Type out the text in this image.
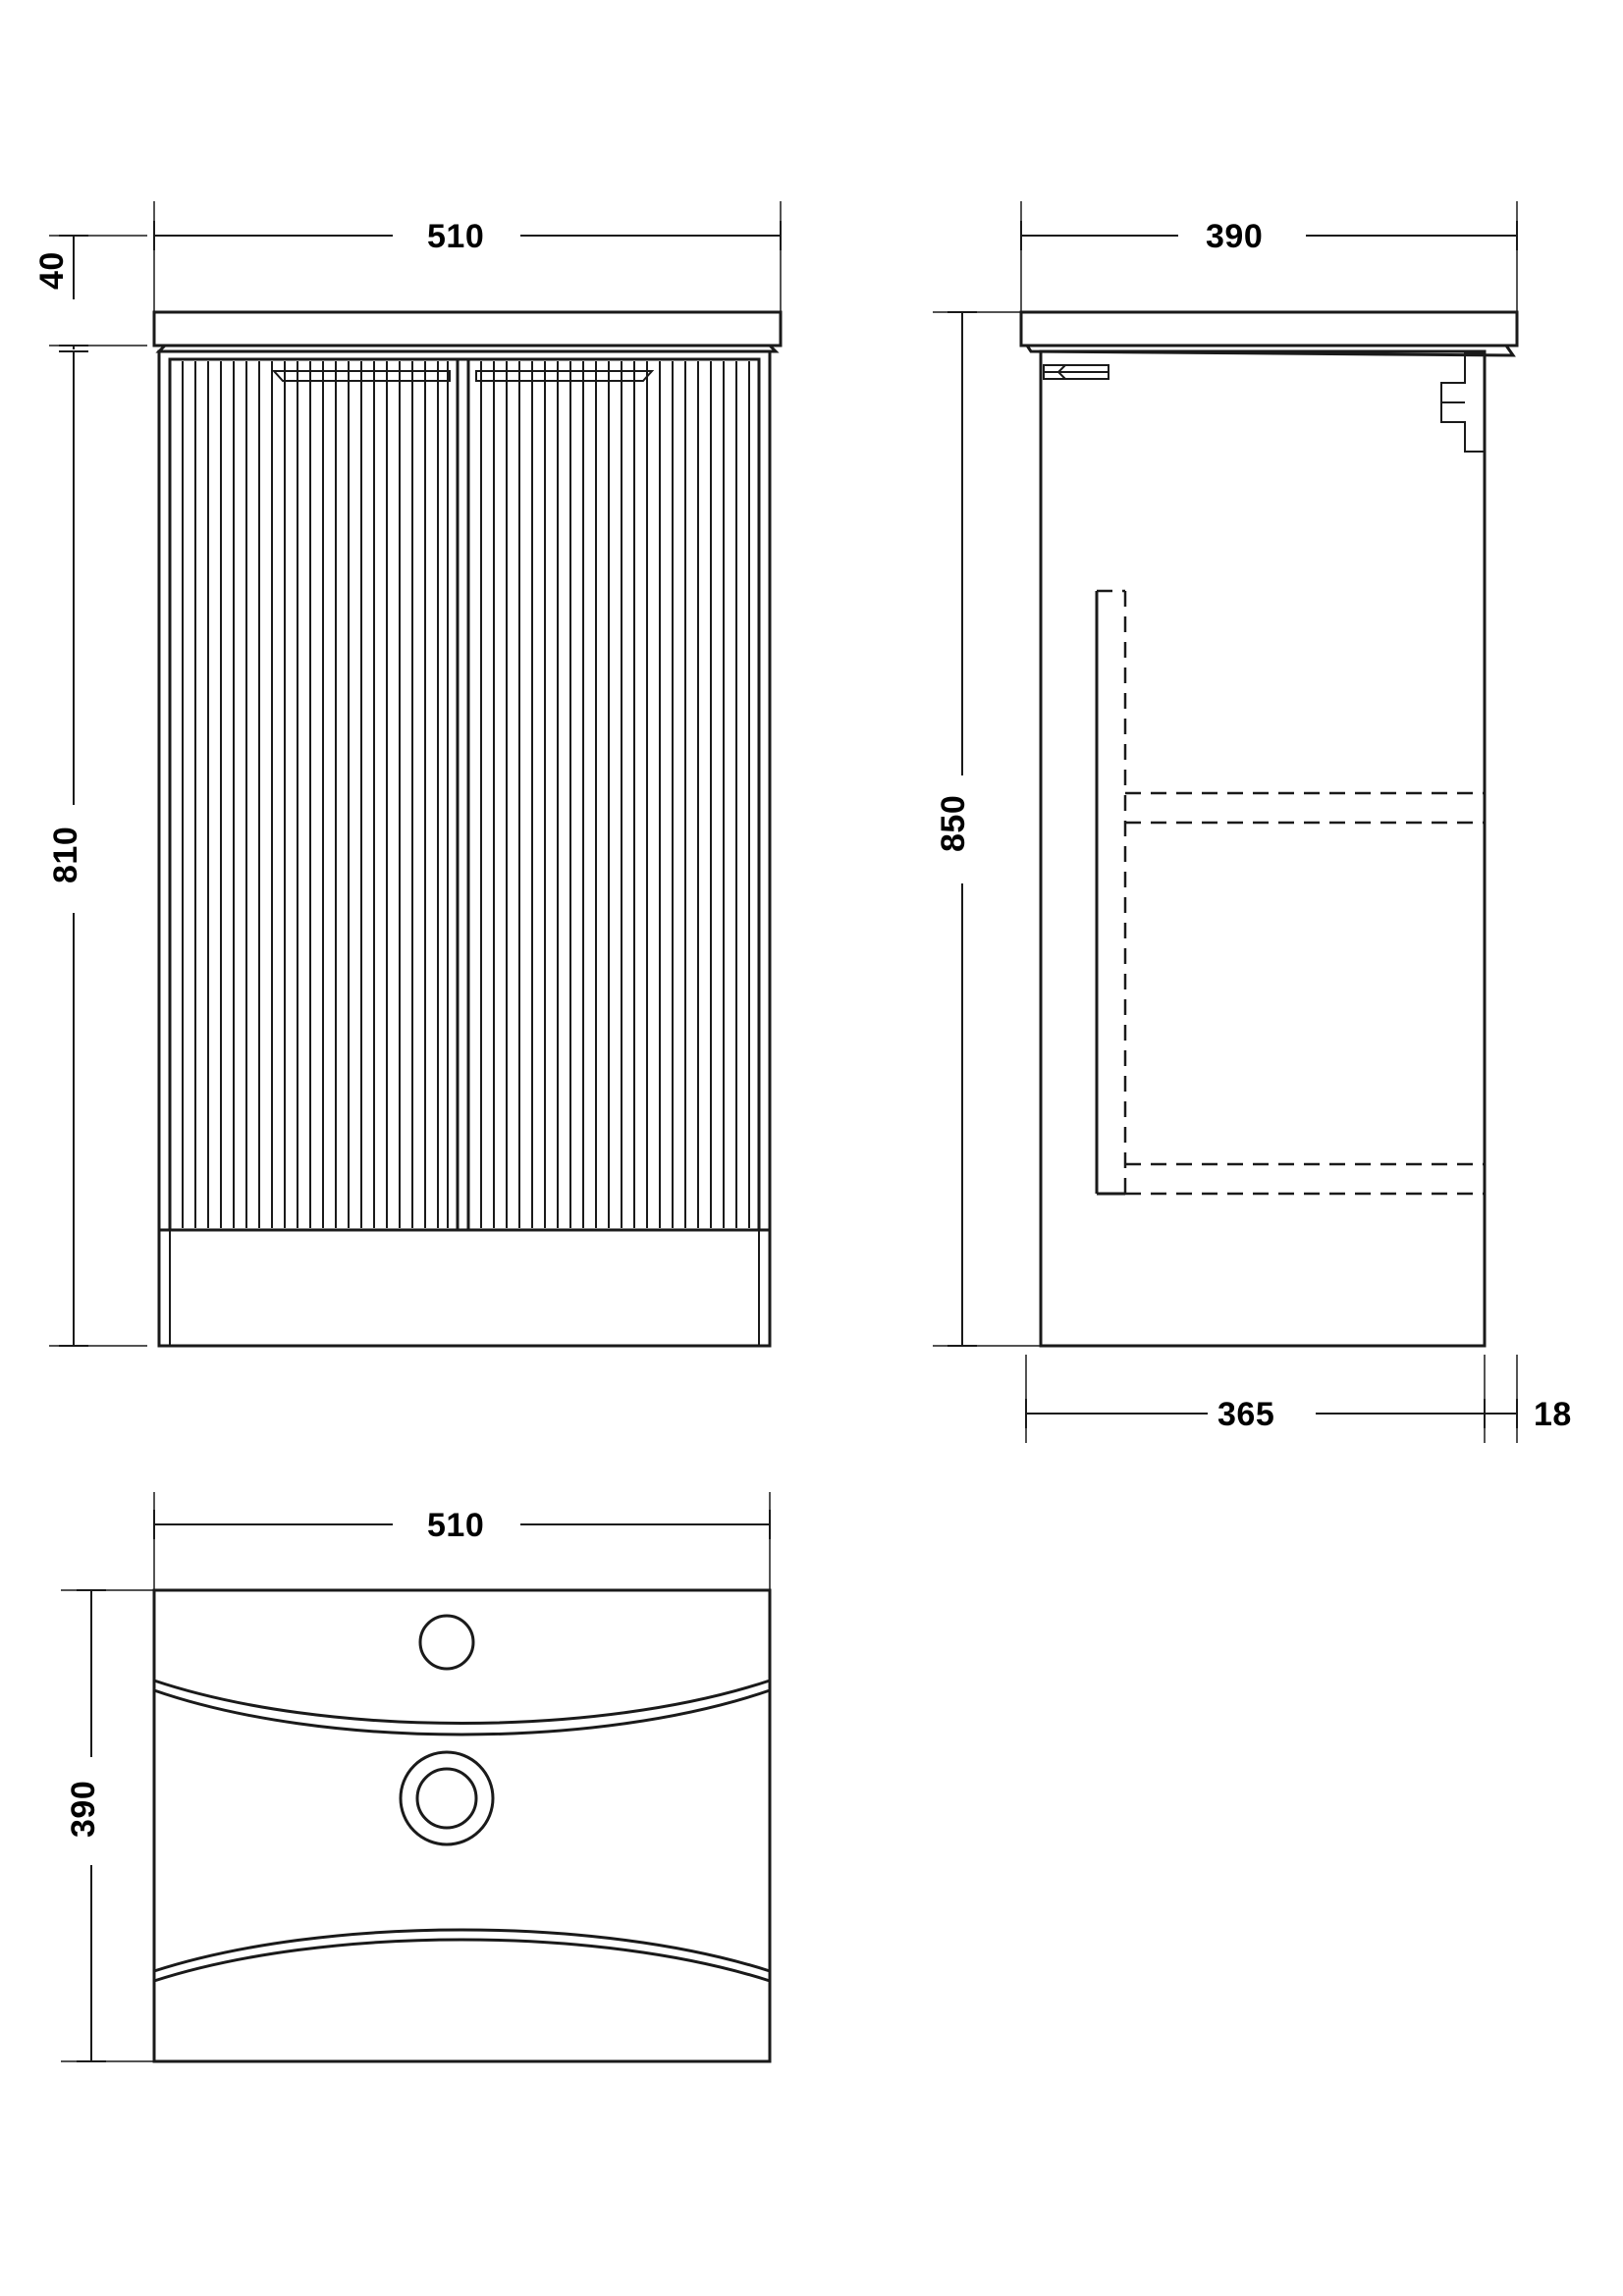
40
510
810
390
850
365	18
510
390
